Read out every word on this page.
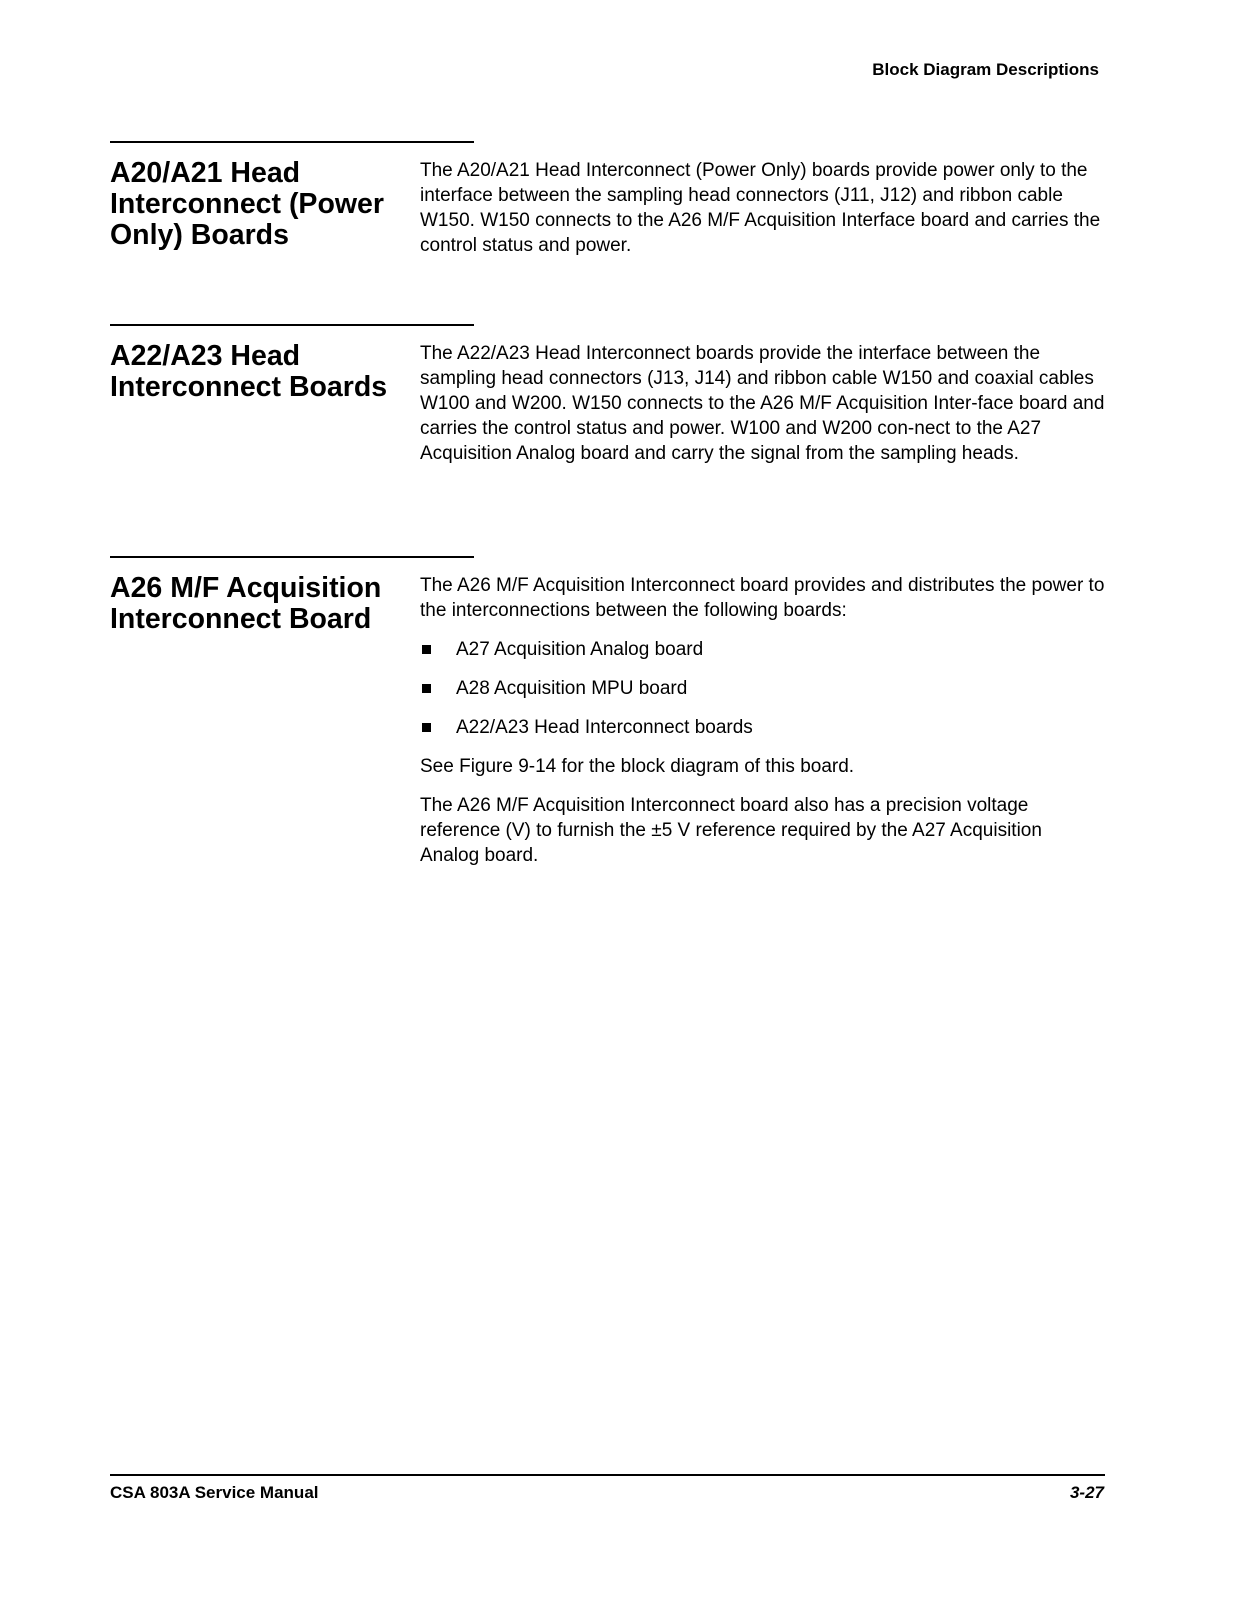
Block Diagram Descriptions
A20/A21 Head Interconnect (Power Only) Boards

The A20/A21 Head Interconnect (Power Only) boards provide power only to the interface between the sampling head connectors (J11, J12) and ribbon cable W150. W150 connects to the A26 M/F Acquisition Interface board and carries the control status and power.

A22/A23 Head Interconnect Boards

The A22/A23 Head Interconnect boards provide the interface between the sampling head connectors (J13, J14) and ribbon cable W150 and coaxial cables W100 and W200. W150 connects to the A26 M/F Acquisition Inter-face board and carries the control status and power. W100 and W200 con-nect to the A27 Acquisition Analog board and carry the signal from the sampling heads.

A26 M/F Acquisition Interconnect Board

The A26 M/F Acquisition Interconnect board provides and distributes the power to the interconnections between the following boards:

A27 Acquisition Analog board
A28 Acquisition MPU board
A22/A23 Head Interconnect boards

See Figure 9-14 for the block diagram of this board.

The A26 M/F Acquisition Interconnect board also has a precision voltage reference (V) to furnish the ±5 V reference required by the A27 Acquisition Analog board.

CSA 803A Service Manual	3-27
